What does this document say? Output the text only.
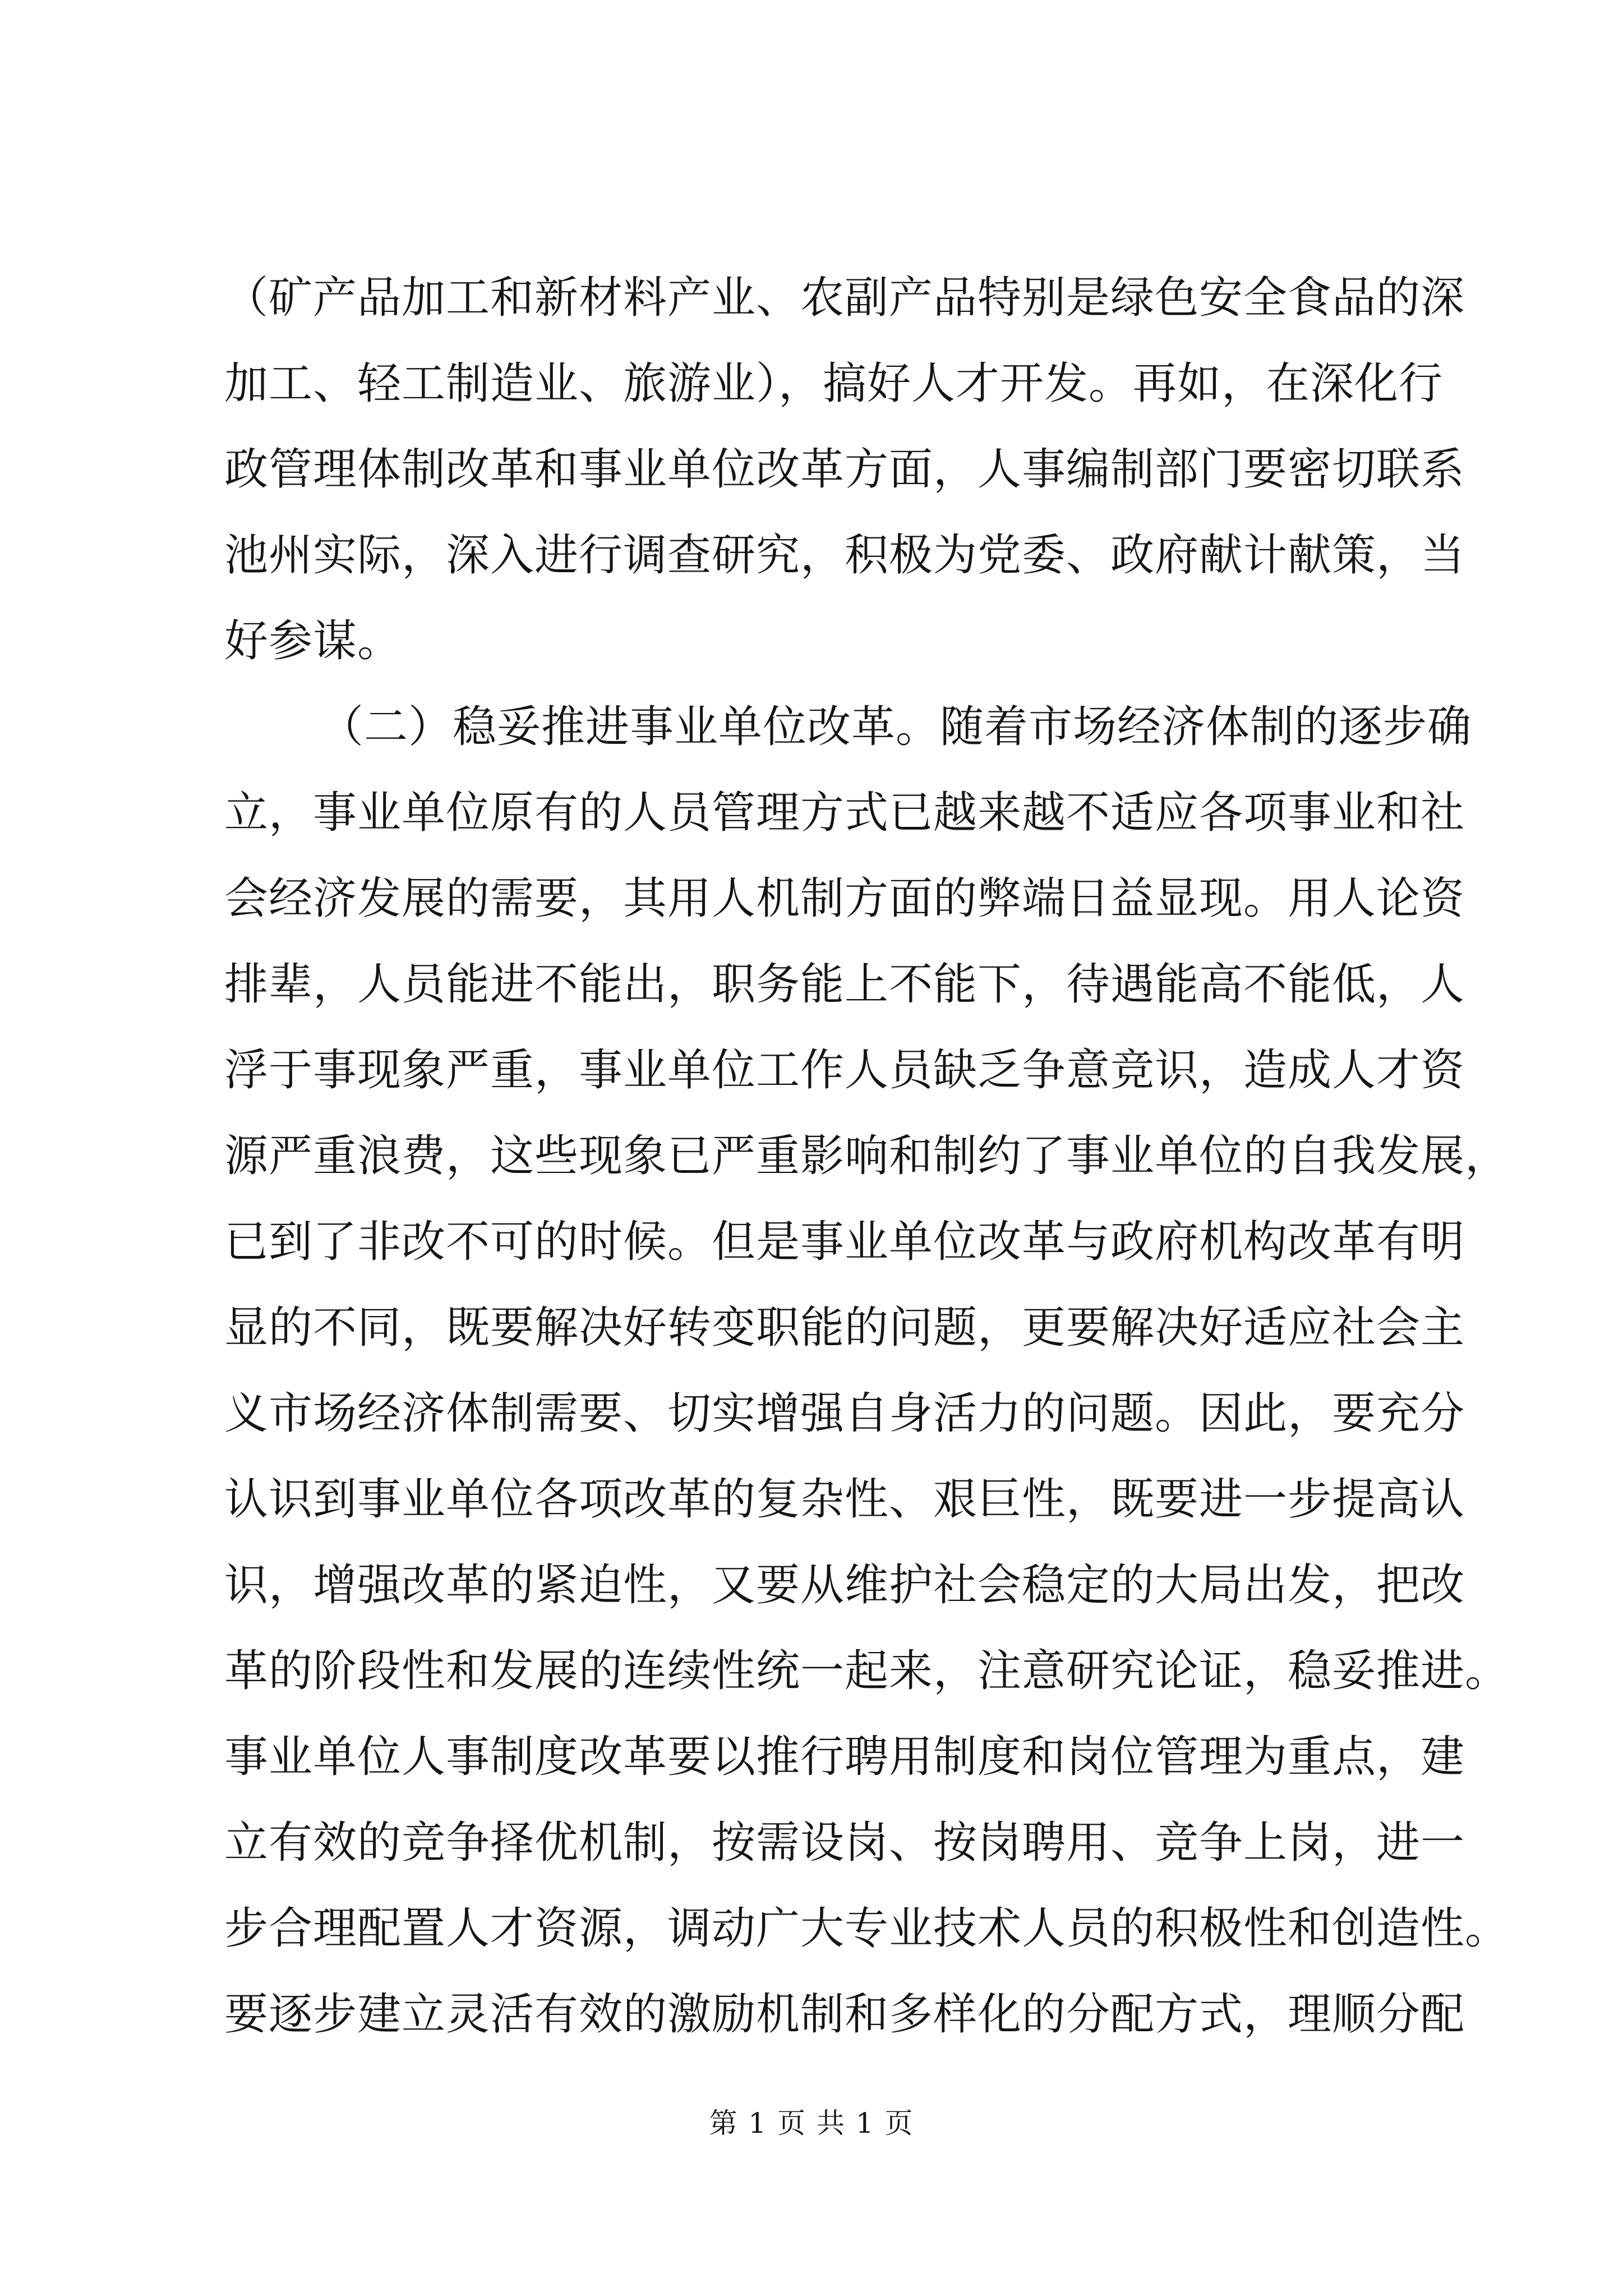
（矿产品加工和新材料产业、农副产品特别是绿色安全食品的深
加工、轻工制造业、旅游业），搞好人才开发。再如，在深化行
政管理体制改革和事业单位改革方面，人事编制部门要密切联系
池州实际，深入进行调查研究，积极为党委、政府献计献策，当
好参谋。
（二）稳妥推进事业单位改革。随着市场经济体制的逐步确
立，事业单位原有的人员管理方式已越来越不适应各项事业和社
会经济发展的需要，其用人机制方面的弊端日益显现。用人论资
排辈，人员能进不能出，职务能上不能下，待遇能高不能低，人
浮于事现象严重，事业单位工作人员缺乏争意竞识，造成人才资
源严重浪费，这些现象已严重影响和制约了事业单位的自我发展，
已到了非改不可的时候。但是事业单位改革与政府机构改革有明
显的不同，既要解决好转变职能的问题，更要解决好适应社会主
义市场经济体制需要、切实增强自身活力的问题。因此，要充分
认识到事业单位各项改革的复杂性、艰巨性，既要进一步提高认
识，增强改革的紧迫性，又要从维护社会稳定的大局出发，把改
革的阶段性和发展的连续性统一起来，注意研究论证，稳妥推进。
事业单位人事制度改革要以推行聘用制度和岗位管理为重点，建
立有效的竞争择优机制，按需设岗、按岗聘用、竞争上岗，进一
步合理配置人才资源，调动广大专业技术人员的积极性和创造性。
要逐步建立灵活有效的激励机制和多样化的分配方式，理顺分配
第 1 页 共 1 页
